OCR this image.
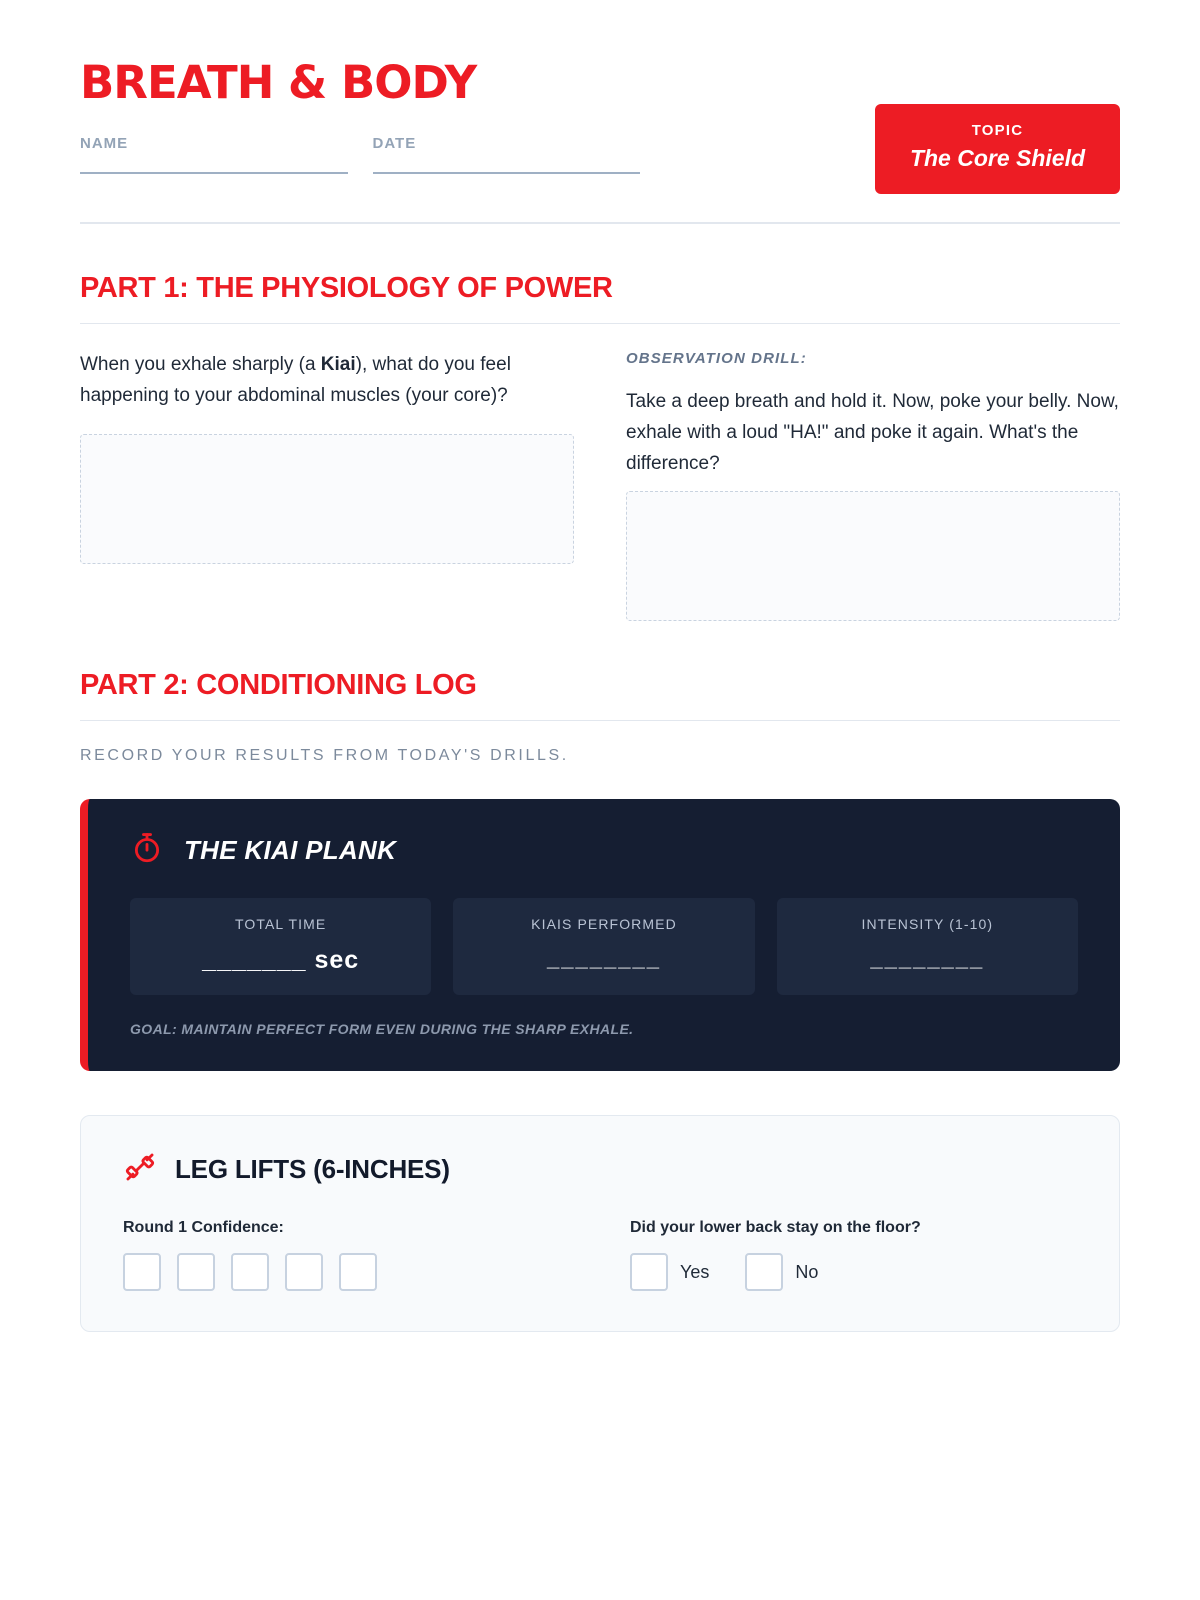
BREATH & BODY
NAME	DATE
TOPIC
The Core Shield
PART 1: THE PHYSIOLOGY OF POWER

When you exhale sharply (a Kiai), what do you feel happening to your abdominal muscles (your core)?

OBSERVATION DRILL:

Take a deep breath and hold it. Now, poke your belly. Now, exhale with a loud "HA!" and poke it again. What's the difference?

PART 2: CONDITIONING LOG

RECORD YOUR RESULTS FROM TODAY'S DRILLS.

THE KIAI PLANK
TOTAL TIME
_______ sec
KIAIS PERFORMED
________
INTENSITY (1-10)
________
GOAL: MAINTAIN PERFECT FORM EVEN DURING THE SHARP EXHALE.
LEG LIFTS (6-INCHES)
Round 1 Confidence:	Did your lower back stay on the floor?
Yes	No
